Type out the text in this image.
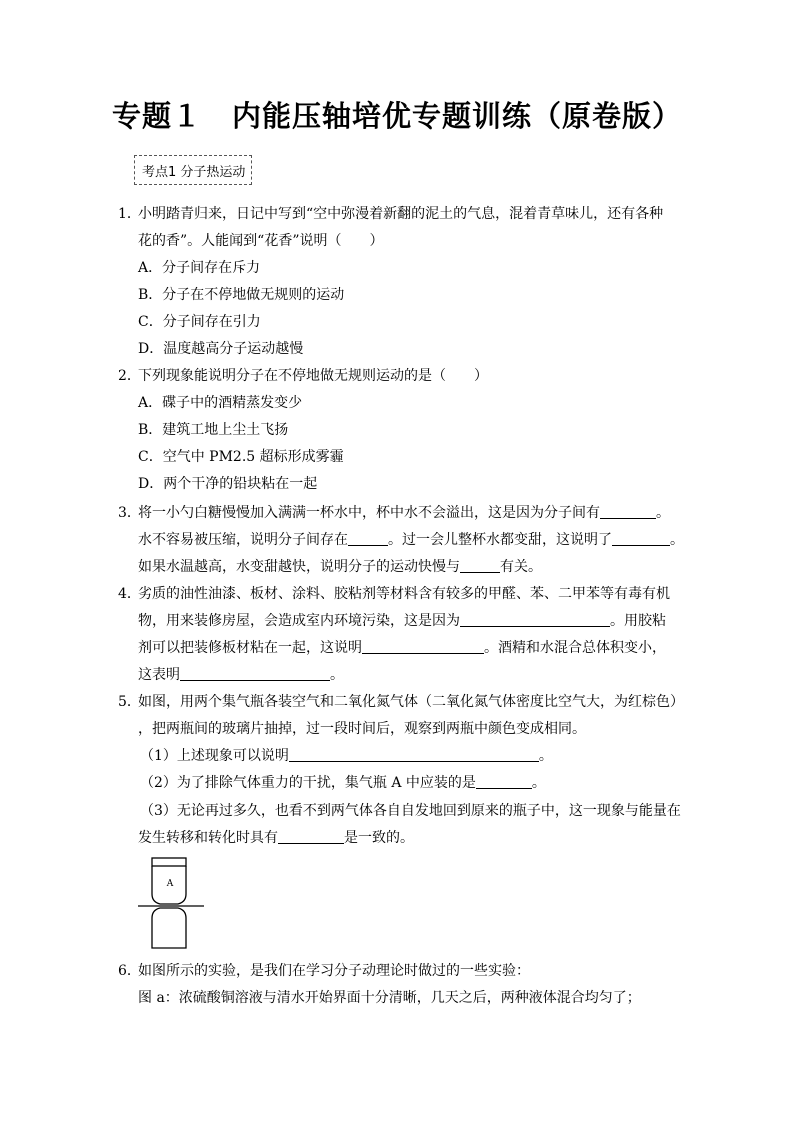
专题１　内能压轴培优专题训练（原卷版）
考点1 分子热运动
1．
小明踏青归来，日记中写到“空中弥漫着新翻的泥土的气息，混着青草味儿，还有各种
花的香”。人能闻到“花香”说明（　　）
A．分子间存在斥力
B．分子在不停地做无规则的运动
C．分子间存在引力
D．温度越高分子运动越慢
2．
下列现象能说明分子在不停地做无规则运动的是（　　）
A．碟子中的酒精蒸发变少
B．建筑工地上尘土飞扬
C．空气中 PM2.5 超标形成雾霾
D．两个干净的铅块粘在一起
3．
将一小勺白糖慢慢加入满满一杯水中，杯中水不会溢出，这是因为分子间有	。
水不容易被压缩，说明分子间存在	。过一会儿整杯水都变甜，这说明了	。
如果水温越高，水变甜越快，说明分子的运动快慢与	有关。
4．
劣质的油性油漆、板材、涂料、胶粘剂等材料含有较多的甲醛、苯、二甲苯等有毒有机
物，用来装修房屋，会造成室内环境污染，这是因为	。用胶粘
剂可以把装修板材粘在一起，这说明	。酒精和水混合总体积变小，
这表明	。
5．
如图，用两个集气瓶各装空气和二氧化氮气体（二氧化氮气体密度比空气大，为红棕色）
，把两瓶间的玻璃片抽掉，过一段时间后，观察到两瓶中颜色变成相同。
（1）上述现象可以说明	。
（2）为了排除气体重力的干扰，集气瓶 A 中应装的是	。
（3）无论再过多久，也看不到两气体各自自发地回到原来的瓶子中，这一现象与能量在
发生转移和转化时具有	是一致的。
A
6．
如图所示的实验，是我们在学习分子动理论时做过的一些实验：
图 a：浓硫酸铜溶液与清水开始界面十分清晰，几天之后，两种液体混合均匀了；
